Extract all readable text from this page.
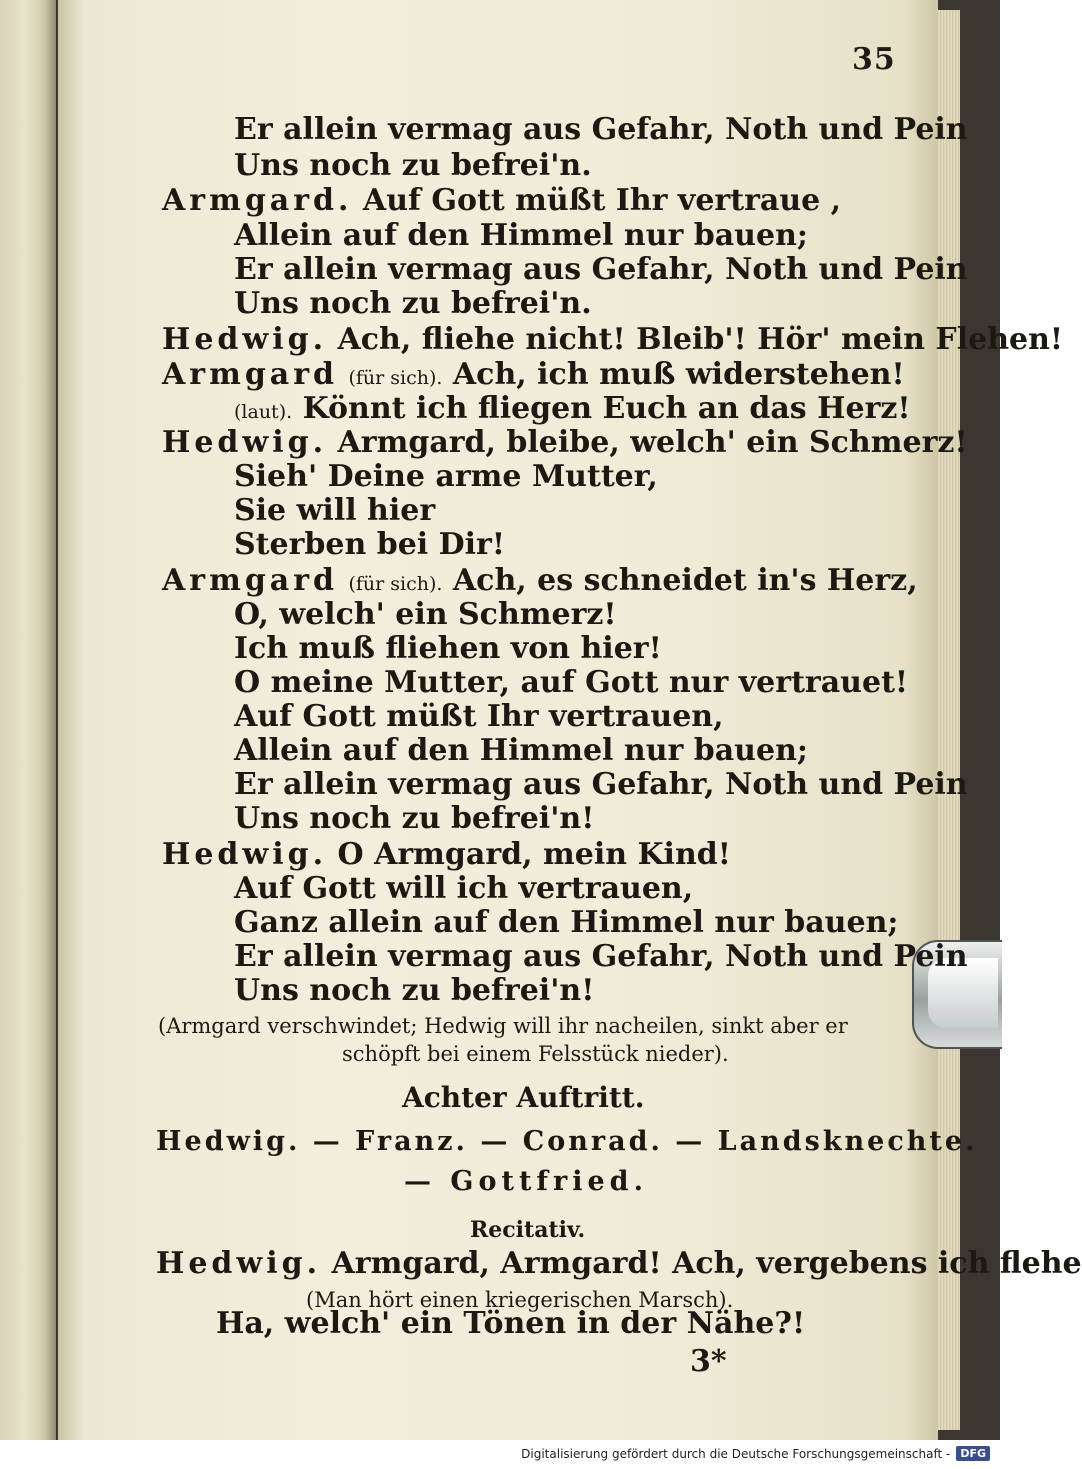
35
Er allein vermag aus Gefahr, Noth und Pein
Uns noch zu befrei'n.
Armgard. Auf Gott müßt Ihr vertraue ,
Allein auf den Himmel nur bauen;
Er allein vermag aus Gefahr, Noth und Pein
Uns noch zu befrei'n.
Hedwig. Ach, fliehe nicht! Bleib'! Hör' mein Flehen!
Armgard (für sich). Ach, ich muß widerstehen!
(laut). Könnt ich fliegen Euch an das Herz!
Hedwig. Armgard, bleibe, welch' ein Schmerz!
Sieh' Deine arme Mutter,
Sie will hier
Sterben bei Dir!
Armgard (für sich). Ach, es schneidet in's Herz,
O, welch' ein Schmerz!
Ich muß fliehen von hier!
O meine Mutter, auf Gott nur vertrauet!
Auf Gott müßt Ihr vertrauen,
Allein auf den Himmel nur bauen;
Er allein vermag aus Gefahr, Noth und Pein
Uns noch zu befrei'n!
Hedwig. O Armgard, mein Kind!
Auf Gott will ich vertrauen,
Ganz allein auf den Himmel nur bauen;
Er allein vermag aus Gefahr, Noth und Pein
Uns noch zu befrei'n!
(Armgard verschwindet; Hedwig will ihr nacheilen, sinkt aber er
schöpft bei einem Felsstück nieder).
Achter Auftritt.
Hedwig. — Franz. — Conrad. — Landsknechte.
— Gottfried.
Recitativ.
Hedwig. Armgard, Armgard! Ach, vergebens ich flehe
(Man hört einen kriegerischen Marsch).
Ha, welch' ein Tönen in der Nähe?!
3*
Digitalisierung gefördert durch die Deutsche Forschungsgemeinschaft - DFG
